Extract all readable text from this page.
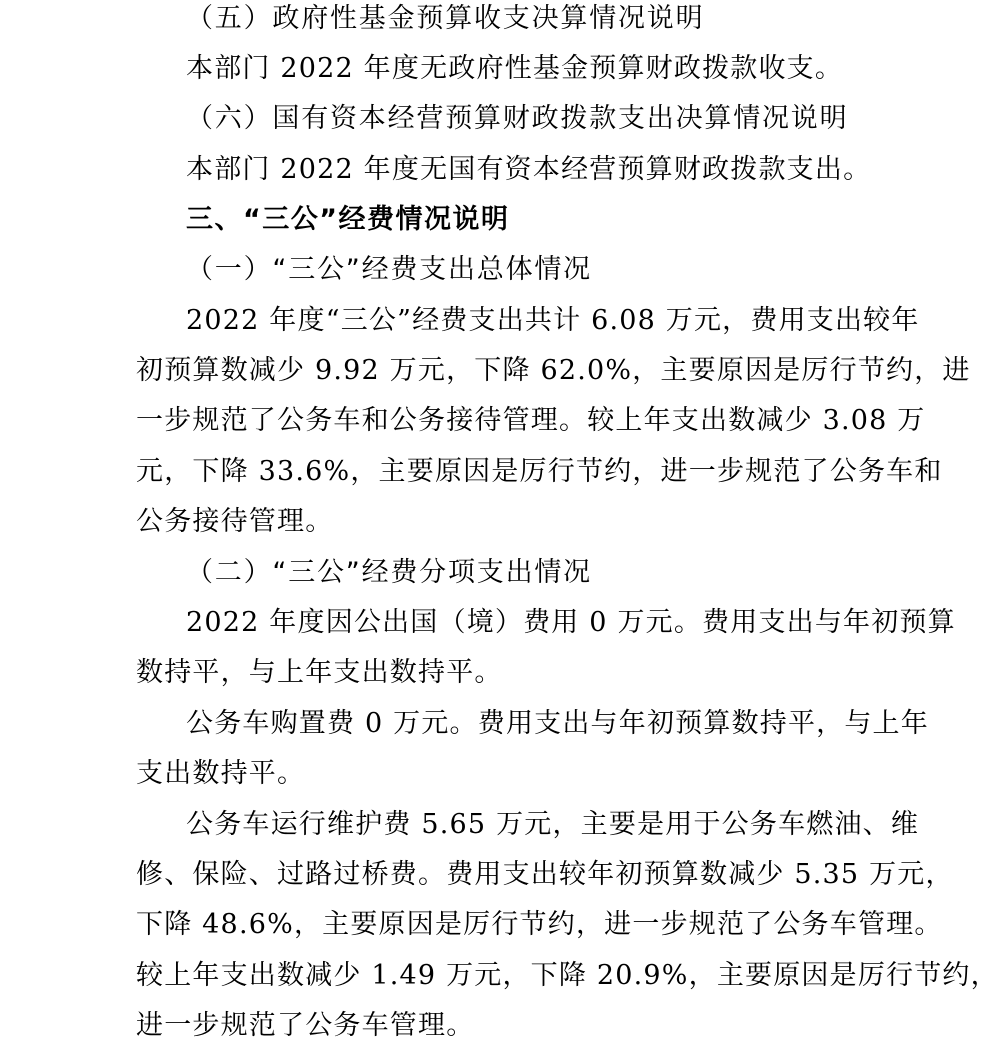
（五）政府性基金预算收支决算情况说明
本部门 2022 年度无政府性基金预算财政拨款收支。
（六）国有资本经营预算财政拨款支出决算情况说明
本部门 2022 年度无国有资本经营预算财政拨款支出。
三、“三公”经费情况说明
（一）“三公”经费支出总体情况
2022 年度“三公”经费支出共计 6.08 万元，费用支出较年
初预算数减少 9.92 万元，下降 62.0%，主要原因是厉行节约，进
一步规范了公务车和公务接待管理。较上年支出数减少 3.08 万
元，下降 33.6%，主要原因是厉行节约，进一步规范了公务车和
公务接待管理。
（二）“三公”经费分项支出情况
2022 年度因公出国（境）费用 0 万元。费用支出与年初预算
数持平，与上年支出数持平。
公务车购置费 0 万元。费用支出与年初预算数持平，与上年
支出数持平。
公务车运行维护费 5.65 万元，主要是用于公务车燃油、维
修、保险、过路过桥费。费用支出较年初预算数减少 5.35 万元，
下降 48.6%，主要原因是厉行节约，进一步规范了公务车管理。
较上年支出数减少 1.49 万元，下降 20.9%，主要原因是厉行节约，
进一步规范了公务车管理。
